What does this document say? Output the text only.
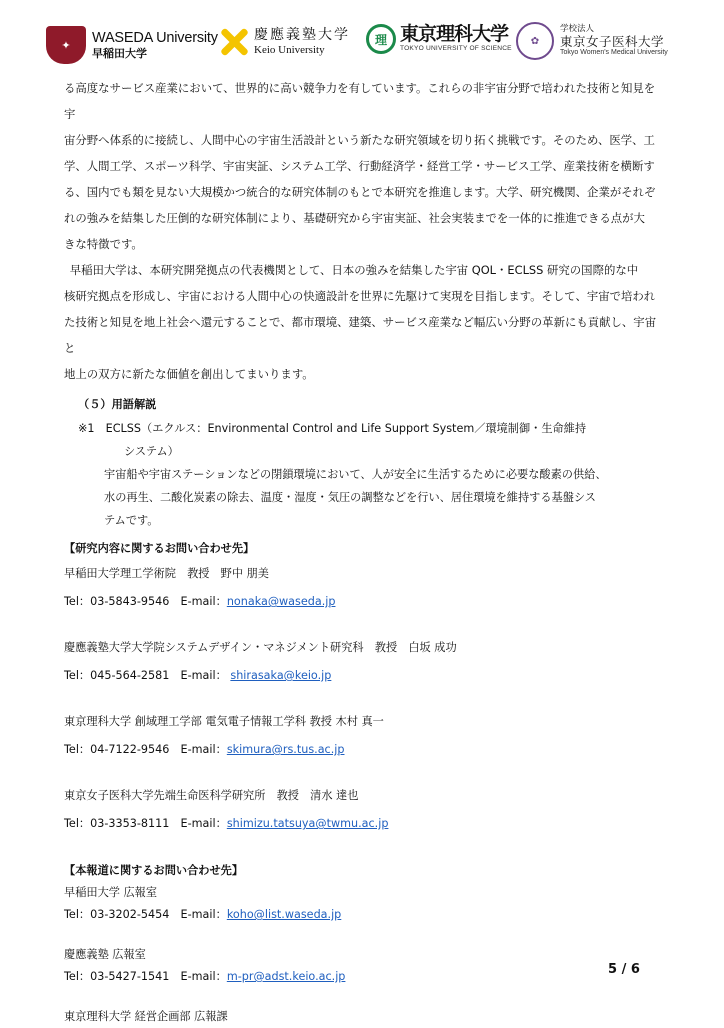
✦	WASEDA University
早稲田大学
慶應義塾大学
Keio University
理 東京理科大学
TOKYO UNIVERSITY OF SCIENCE
✿
学校法人
東京女子医科大学
Tokyo Women's Medical University

る高度なサービス産業において、世界的に高い競争力を有しています。これらの非宇宙分野で培われた技術と知見を宇

宙分野へ体系的に接続し、人間中心の宇宙生活設計という新たな研究領域を切り拓く挑戦です。そのため、医学、工

学、人間工学、スポーツ科学、宇宙実証、システム工学、行動経済学・経営工学・サービス工学、産業技術を横断す

る、国内でも類を見ない大規模かつ統合的な研究体制のもとで本研究を推進します。大学、研究機関、企業がそれぞ

れの強みを結集した圧倒的な研究体制により、基礎研究から宇宙実証、社会実装までを一体的に推進できる点が大

きな特徴です。

早稲田大学は、本研究開発拠点の代表機関として、日本の強みを結集した宇宙 QOL・ECLSS 研究の国際的な中

核研究拠点を形成し、宇宙における人間中心の快適設計を世界に先駆けて実現を目指します。そして、宇宙で培われ

た技術と知見を地上社会へ還元することで、都市環境、建築、サービス産業など幅広い分野の革新にも貢献し、宇宙と

地上の双方に新たな価値を創出してまいります。

（５）用語解説
※1　ECLSS（エクルス：Environmental Control and Life Support System／環境制御・生命維持
システム）
宇宙船や宇宙ステーションなどの閉鎖環境において、人が安全に生活するために必要な酸素の供給、
水の再生、二酸化炭素の除去、温度・湿度・気圧の調整などを行い、居住環境を維持する基盤シス
テムです。
【研究内容に関するお問い合わせ先】
早稲田大学理工学術院　教授　野中 朋美
Tel：03-5843-9546　E-mail：nonaka@waseda.jp
慶應義塾大学大学院システムデザイン・マネジメント研究科　教授　白坂 成功
Tel：045-564-2581　E-mail： shirasaka@keio.jp
東京理科大学 創域理工学部 電気電子情報工学科 教授 木村 真一
Tel：04-7122-9546　E-mail：skimura@rs.tus.ac.jp
東京女子医科大学先端生命医科学研究所　教授　清水 達也
Tel：03-3353-8111　E-mail：shimizu.tatsuya@twmu.ac.jp
【本報道に関するお問い合わせ先】
早稲田大学 広報室
Tel：03-3202-5454　E-mail：koho@list.waseda.jp
慶應義塾 広報室
Tel：03-5427-1541　E-mail：m-pr@adst.keio.ac.jp
東京理科大学 経営企画部 広報課
5 / 6
